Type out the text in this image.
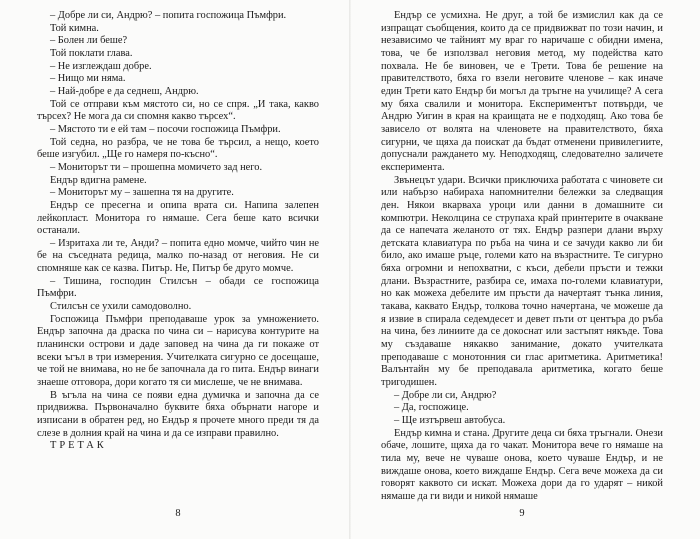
– Добре ли си, Андрю? – попита госпожица Пъмфри.

Той кимна.

– Болен ли беше?

Той поклати глава.

– Не изглеждаш добре.

– Нищо ми няма.

– Най-добре е да седнеш, Андрю.

Той се отправи към мястото си, но се спря. „И така, какво търсех? Не мога да си спомня какво търсех“.

– Мястото ти е ей там – посочи госпожица Пъмфри.

Той седна, но разбра, че не това бе търсил, а нещо, което беше изгубил. „Ще го намеря по-късно“.

– Мониторът ти – прошепна момичето зад него.

Ендър вдигна рамене.

– Мониторът му – зашепна тя на другите.

Ендър се пресегна и опипа врата си. Напипа залепен лейкопласт. Монитора го нямаше. Сега беше като всички останали.

– Изритаха ли те, Анди? – попита едно момче, чийто чин не бе на съседната редица, малко по-назад от неговия. Не си спомняше как се казва. Питър. Не, Питър бе друго момче.

– Тишина, господин Стилсън – обади се госпожица Пъмфри.

Стилсън се ухили самодоволно.

Госпожица Пъмфри преподаваше урок за умножението. Ендър започна да драска по чина си – нарисува контурите на планински острови и даде заповед на чина да ги покаже от всеки ъгъл в три измерения. Учителката сигурно се досещаше, че той не внимава, но не бе започнала да го пита. Ендър винаги знаеше отговора, дори когато тя си мислеше, че не внимава.

В ъгъла на чина се появи една думичка и започна да се придвижва. Първоначално буквите бяха обърнати нагоре и изписани в обратен ред, но Ендър я прочете много преди тя да слезе в долния край на чина и да се изправи правилно.

ТРЕТАК

8

Ендър се усмихна. Не друг, а той бе измислил как да се изпращат съобщения, които да се придвижват по този начин, и независимо че тайният му враг го наричаше с обидни имена, това, че бе използвал неговия метод, му подейства като похвала. Не бе виновен, че е Трети. Това бе решение на правителството, бяха го взели неговите членове – как иначе един Трети като Ендър би могъл да тръгне на училище? А сега му бяха свалили и монитора. Експериментът потвърди, че Андрю Уигин в края на краищата не е подходящ. Ако това бе зависело от волята на членовете на правителството, бяха сигурни, че щяха да поискат да бъдат отменени привилегиите, допуснали раждането му. Неподходящ, следователно заличете експеримента.

Звънецът удари. Всички приключиха работата с чиновете си или набързо набираха напомнителни бележки за следващия ден. Някои вкарваха уроци или данни в домашните си компютри. Неколцина се струпаха край принтерите в очакване да се напечата желаното от тях. Ендър разпери длани върху детската клавиатура по ръба на чина и се зачуди какво ли би било, ако имаше ръце, големи като на възрастните. Те сигурно бяха огромни и непохватни, с къси, дебели пръсти и тежки длани. Възрастните, разбира се, имаха по-големи клавиатури, но как можеха дебелите им пръсти да начертаят тънка линия, такава, каквато Ендър, толкова точно начертана, че можеше да я извие в спирала седемдесет и девет пъти от центъра до ръба на чина, без линиите да се докоснат или застъпят някъде. Това му създаваше някакво занимание, докато учителката преподаваше с монотонния си глас аритметика. Аритметика! Валънтайн му бе преподавала аритметика, когато беше тригодишен.

– Добре ли си, Андрю?

– Да, госпожице.

– Ще изтървеш автобуса.

Ендър кимна и стана. Другите деца си бяха тръгнали. Онези обаче, лошите, щяха да го чакат. Монитора вече го нямаше на тила му, вече не чуваше онова, което чуваше Ендър, и не виждаше онова, което виждаше Ендър. Сега вече можеха да си говорят каквото си искат. Можеха дори да го ударят – никой нямаше да ги види и никой нямаше

9
